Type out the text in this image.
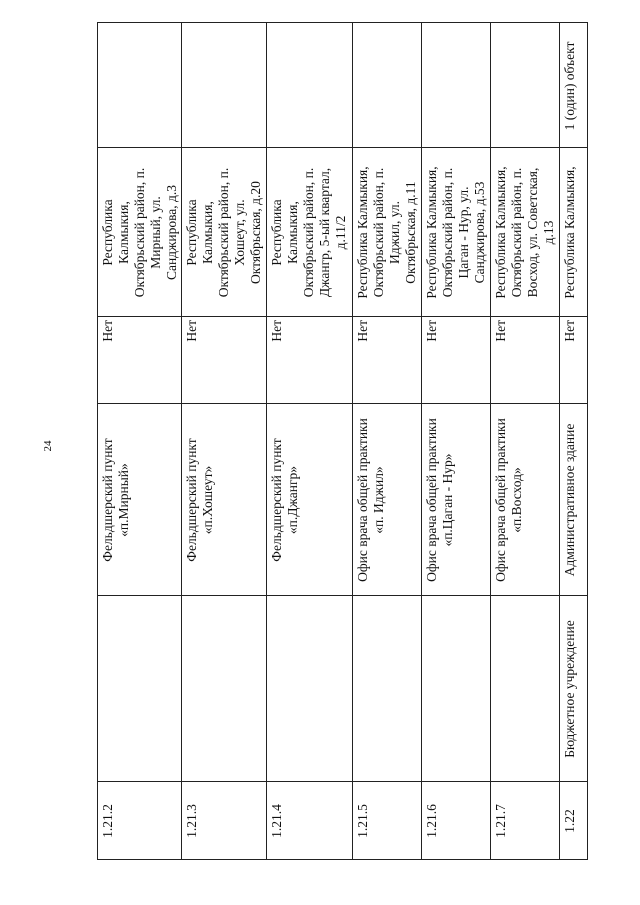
24
1.21.2
Фельдшерский пункт
«п.Мирный»
Нет
Республика
Калмыкия,
Октябрьский район, п.
Мирный, ул.
Санджирова, д.3
1.21.3
Фельдшерский пункт
«п.Хошеут»
Нет
Республика
Калмыкия,
Октябрьский район, п.
Хошеут, ул.
Октябрьская, д.20
1.21.4
Фельдшерский пункт
«п.Джангр»
Нет
Республика
Калмыкия,
Октябрьский район, п.
Джангр, 5-ый квартал,
д.11/2
1.21.5
Офис врача общей практики
«п. Иджил»
Нет
Республика Калмыкия,
Октябрьский район, п.
Иджил, ул.
Октябрьская, д.11
1.21.6
Офис врача общей практики
«п.Цаган - Нур»
Нет
Республика Калмыкия,
Октябрьский район, п.
Цаган - Нур, ул.
Санджирова, д.53
1.21.7
Офис врача общей практики
«п.Восход»
Нет
Республика Калмыкия,
Октябрьский район, п.
Восход, ул. Советская,
д.13
1.22
Бюджетное учреждение
Административное здание
Нет
Республика Калмыкия,
1 (один) объект
